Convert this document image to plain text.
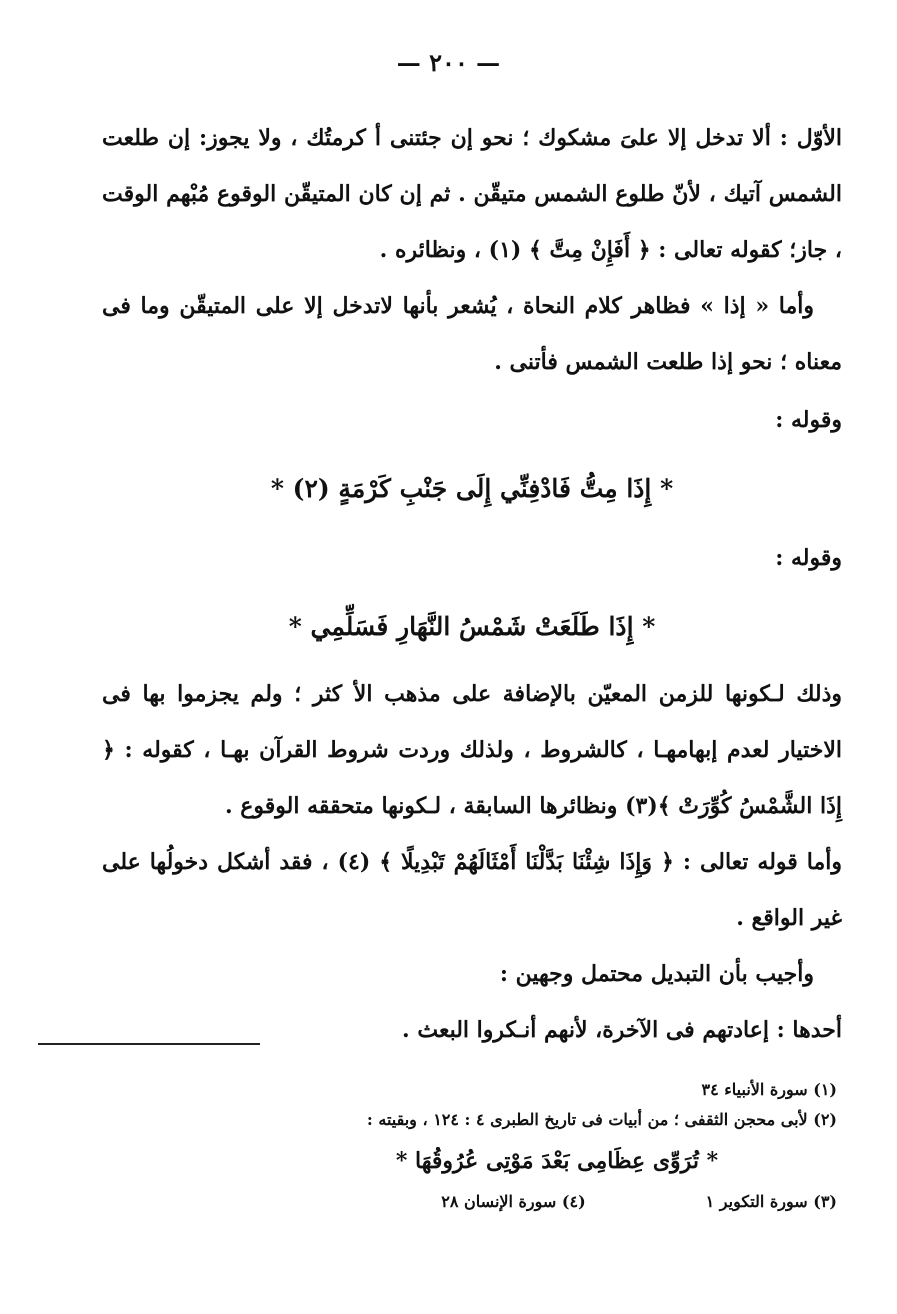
— ٢٠٠ —

الأوّل : ألا تدخل إلا علىَ مشكوك ؛ نحو إن جئتنى أ كرمتُك ، ولا يجوز: إن طلعت الشمس آتيك ، لأنّ طلوع الشمس متيقّن . ثم إن كان المتيقّن الوقوع مُبْهم الوقت ، جاز؛ كقوله تعالى : ﴿ أَفَإِنْ مِتَّ ﴾ (١) ، ونظائره .

وأما « إذا » فظاهر كلام النحاة ، يُشعر بأنها لاتدخل إلا على المتيقّن وما فى معناه ؛ نحو إذا طلعت الشمس فأتنى .

وقوله :

* إِذَا مِتُّ فَادْفِنِّي إِلَى جَنْبِ كَرْمَةٍ (٢) *

وقوله :

* إِذَا طَلَعَتْ شَمْسُ النَّهَارِ فَسَلِّمِي *

وذلك لـكونها للزمن المعيّن بالإضافة على مذهب الأ كثر ؛ ولم يجزموا بها فى الاختيار لعدم إبهامهـا ، كالشروط ، ولذلك وردت شروط القرآن بهـا ، كقوله : ﴿ إِذَا الشَّمْسُ كُوِّرَتْ ﴾(٣) ونظائرها السابقة ، لـكونها متحققه الوقوع .

وأما قوله تعالى : ﴿ وَإِذَا شِئْنَا بَدَّلْنَا أَمْثَالَهُمْ تَبْدِيلًا ﴾ (٤) ، فقد أشكل دخولُها على غير الواقع .

وأجيب بأن التبديل محتمل وجهين :

أحدها : إعادتهم فى الآخرة، لأنهم أنـكروا البعث .

(١) سورة الأنبياء ٣٤

(٢) لأبى محجن الثقفى ؛ من أبيات فى تاريخ الطبرى ٤ : ١٢٤ ، وبقيته :

* تُرَوِّى عِظَامِى بَعْدَ مَوْتِى عُرُوقُهَا *

(٣) سورة التكوير ١
(٤) سورة الإنسان ٢٨
